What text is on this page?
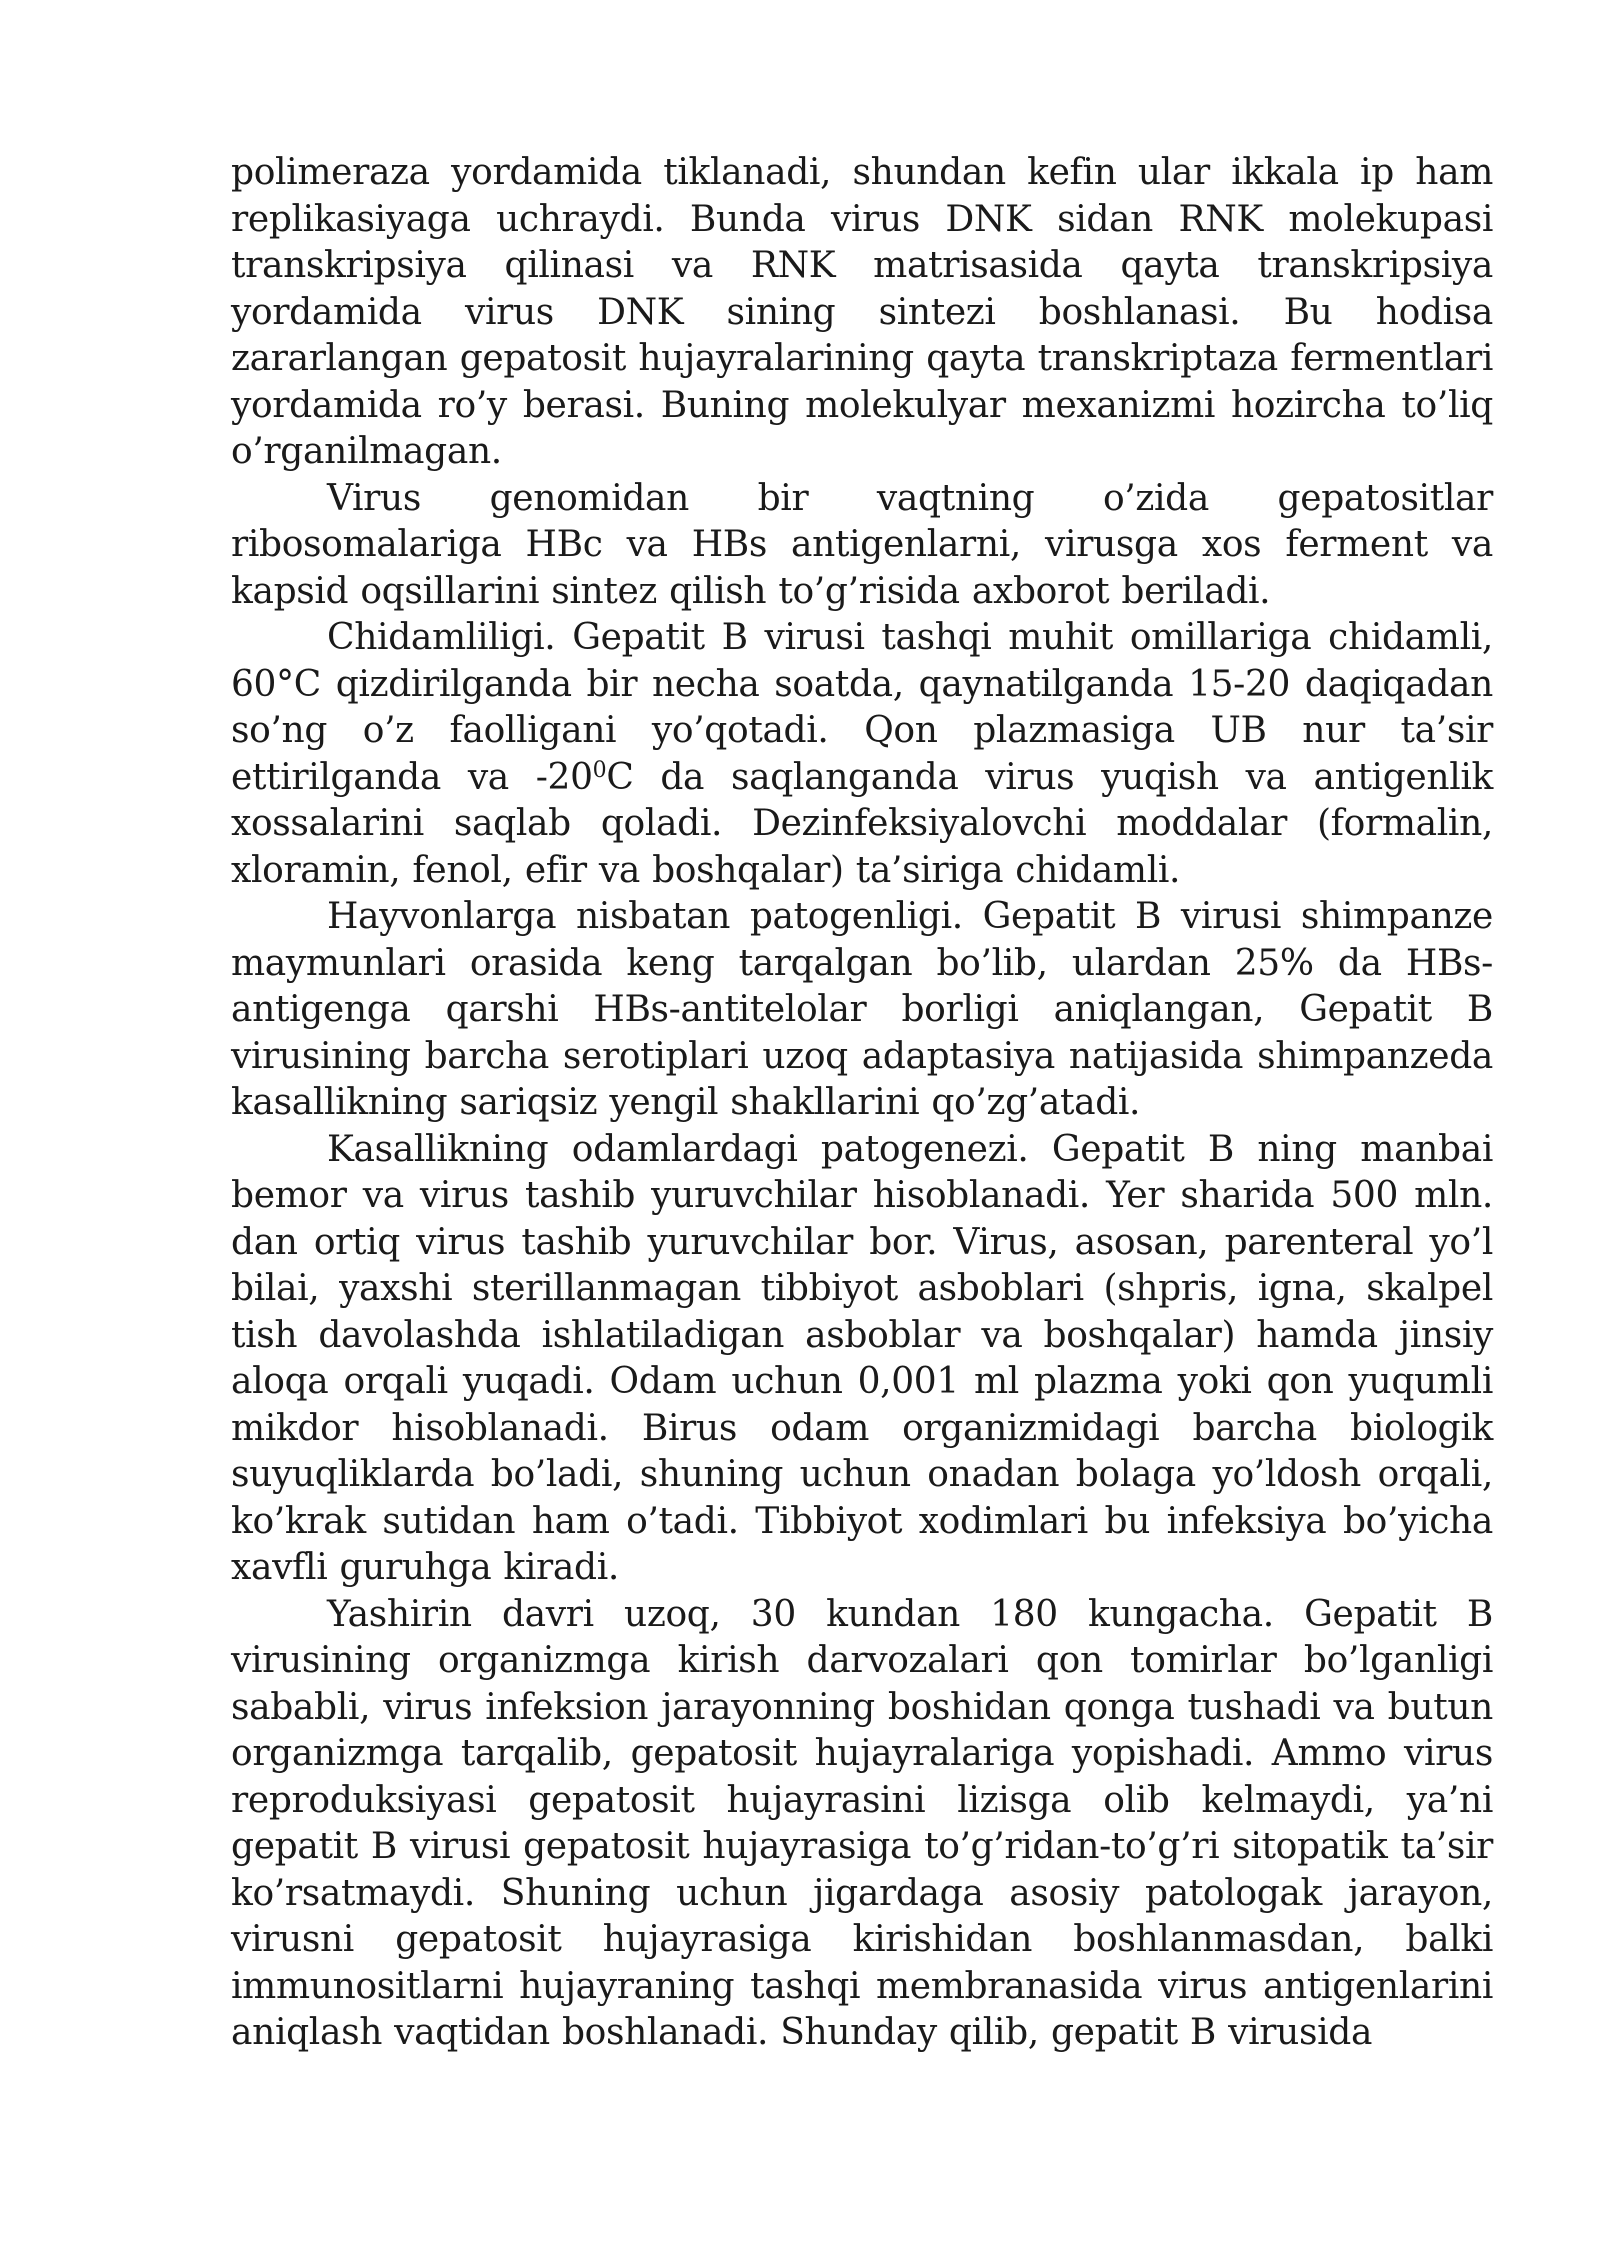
polimeraza yordamida tiklanadi, shundan kefin ular ikkala ip ham replikasiyaga uchraydi. Bunda virus DNK sidan RNK molekupasi transkripsiya qilinasi va RNK matrisasida qayta transkripsiya yordamida virus DNK sining sintezi boshlanasi. Bu hodisa zararlangan gepatosit hujayralarining qayta transkriptaza fermentlari yordamida ro’y berasi. Buning molekulyar mexanizmi hozircha to’liq o’rganilmagan.

Virus genomidan bir vaqtning o’zida gepatositlar ribosomalariga HBc va HBs antigenlarni, virusga xos ferment va kapsid oqsillarini sintez qilish to’g’risida axborot beriladi.

Chidamliligi. Gepatit B virusi tashqi muhit omillariga chidamli, 60°C qizdirilganda bir necha soatda, qaynatilganda 15-20 daqiqadan so’ng o’z faolligani yo’qotadi. Qon plazmasiga UB nur ta’sir ettirilganda va $-20^0C$ da saqlanganda virus yuqish va antigenlik xossalarini saqlab qoladi. Dezinfeksiyalovchi moddalar (formalin, xloramin, fenol, efir va boshqalar) ta’siriga chidamli.

Hayvonlarga nisbatan patogenligi. Gepatit B virusi shimpanze maymunlari orasida keng tarqalgan bo’lib, ulardan 25% da HBs-antigenga qarshi HBs-antitelolar borligi aniqlangan, Gepatit B virusining barcha serotiplari uzoq adaptasiya natijasida shimpanzeda kasallikning sariqsiz yengil shakllarini qo’zg’atadi.

Kasallikning odamlardagi patogenezi. Gepatit B ning manbai bemor va virus tashib yuruvchilar hisoblanadi. Yer sharida 500 mln. dan ortiq virus tashib yuruvchilar bor. Virus, asosan, parenteral yo’l bilai, yaxshi sterillanmagan tibbiyot asboblari (shpris, igna, skalpel tish davolashda ishlatiladigan asboblar va boshqalar) hamda jinsiy aloqa orqali yuqadi. Odam uchun 0,001 ml plazma yoki qon yuqumli mikdor hisoblanadi. Birus odam organizmidagi barcha biologik suyuqliklarda bo’ladi, shuning uchun onadan bolaga yo’ldosh orqali, ko’krak sutidan ham o’tadi. Tibbiyot xodimlari bu infeksiya bo’yicha xavfli guruhga kiradi.

Yashirin davri uzoq, 30 kundan 180 kungacha. Gepatit B virusining organizmga kirish darvozalari qon tomirlar bo’lganligi sababli, virus infeksion jarayonning boshidan qonga tushadi va butun organizmga tarqalib, gepatosit hujayralariga yopishadi. Ammo virus reproduksiyasi gepatosit hujayrasini lizisga olib kelmaydi, ya’ni gepatit B virusi gepatosit hujayrasiga to’g’ridan-to’g’ri sitopatik ta’sir ko’rsatmaydi. Shuning uchun jigardaga asosiy patologak jarayon, virusni gepatosit hujayrasiga kirishidan boshlanmasdan, balki immunositlarni hujayraning tashqi membranasida virus antigenlarini aniqlash vaqtidan boshlanadi. Shunday qilib, gepatit B virusida
